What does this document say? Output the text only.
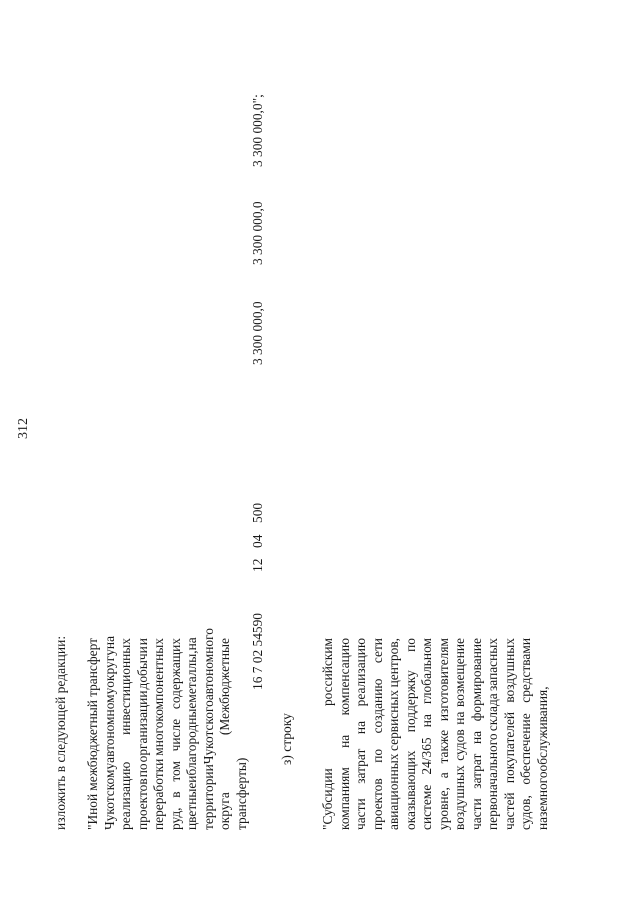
312
изложить в следующей редакции: "Иной
межбюджетный
трансферт
Чукотскому
автономному
округу
на
реализацию
инвестиционных
проектов
по
организации
добычи
и
переработки
многокомпонентных
руд,
в
том
числе
содержащих
цветные
и
благородные
металлы,
на
территории
Чукотского
автономного
округа
(Межбюджетные
трансферты)
04
12
16 7 02 54590
500
3 300 000,0
3 300 000,0
3 300 000,0";
з) строку
"Субсидии
российским
компаниям
на
компенсацию
части
затрат
на
реализацию
проектов
по
созданию
сети
авиационных
сервисных
центров,
оказывающих
поддержку
по
системе
24/365
на
глобальном
уровне,
а
также
изготовителям
воздушных
судов
на
возмещение
части
затрат
на
формирование
первоначального
склада
запасных
частей
покупателей
воздушных
судов,
обеспечение
средствами
наземного
обслуживания,
